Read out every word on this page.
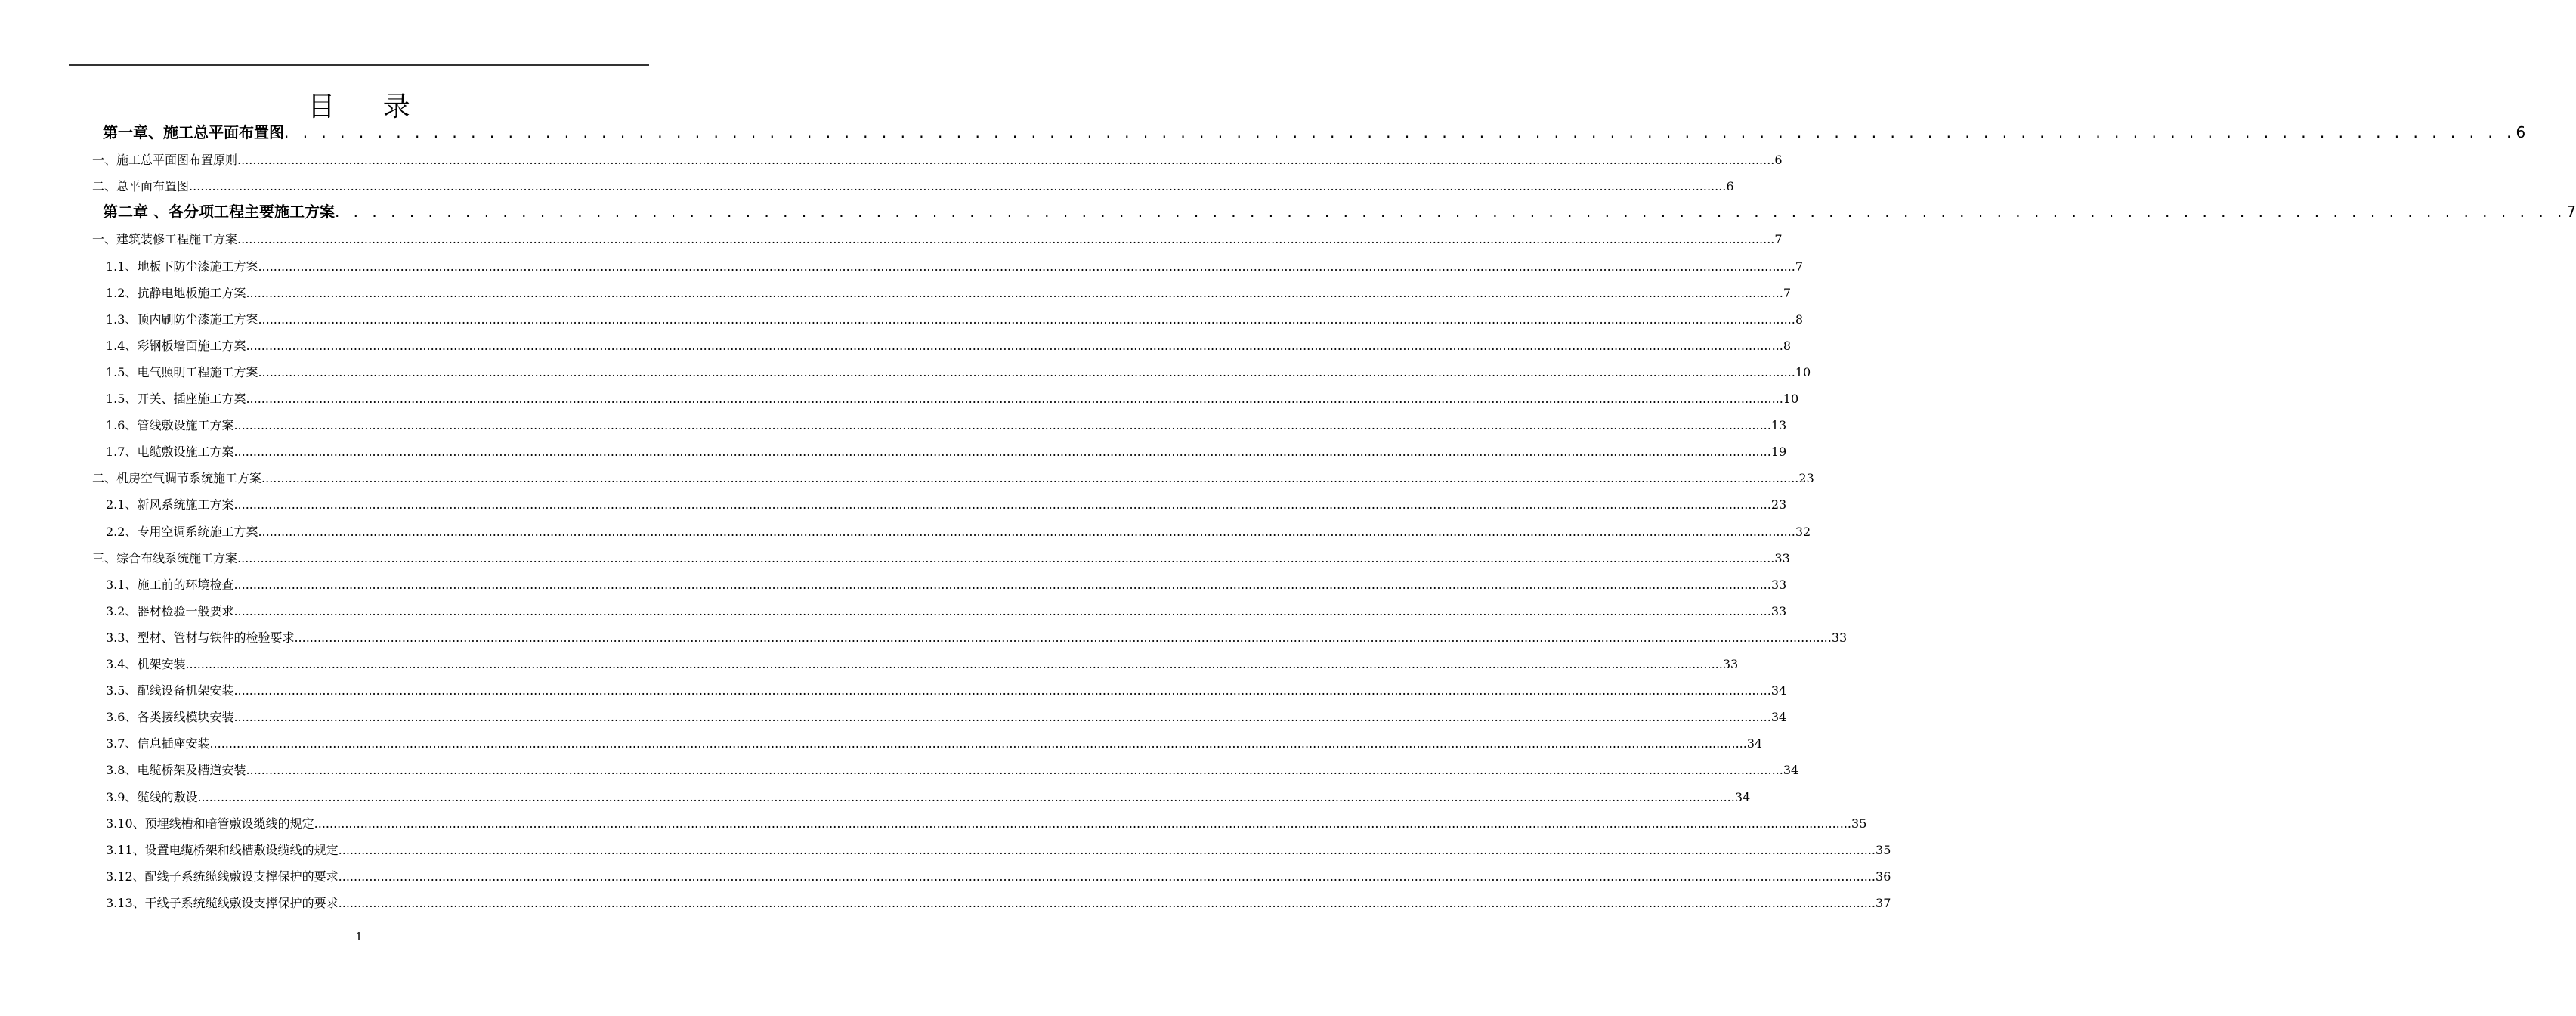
目 录
第一章、施工总平面布置图 . . . . . . . . . . . . . . . . . . . . . . . . . . . . . . . . . . . . . . . . . . . . . . . . . . . . . . . . . . . . . . . . . . . . . . . . . . . . . . . . . . . . . . . . . . . . . . . . . . . . . . . . . . . . . . . . . . . . . . . . 6
一、施工总平面图布置原则 ................................................................................................................................................................................................................................................................................................................................................................................................................ 6
二、总平面布置图 ................................................................................................................................................................................................................................................................................................................................................................................................................ 6
第二章 、各分项工程主要施工方案 . . . . . . . . . . . . . . . . . . . . . . . . . . . . . . . . . . . . . . . . . . . . . . . . . . . . . . . . . . . . . . . . . . . . . . . . . . . . . . . . . . . . . . . . . . . . . . . . . . . . . . . . . . . . . . . . . . . . . . . . 7
一、建筑装修工程施工方案 ................................................................................................................................................................................................................................................................................................................................................................................................................ 7
1.1、地板下防尘漆施工方案 ................................................................................................................................................................................................................................................................................................................................................................................................................ 7
1.2、抗静电地板施工方案 ................................................................................................................................................................................................................................................................................................................................................................................................................ 7
1.3、顶内刷防尘漆施工方案 ................................................................................................................................................................................................................................................................................................................................................................................................................ 8
1.4、彩钢板墙面施工方案 ................................................................................................................................................................................................................................................................................................................................................................................................................ 8
1.5、电气照明工程施工方案 ................................................................................................................................................................................................................................................................................................................................................................................................................ 10
1.5、开关、插座施工方案 ................................................................................................................................................................................................................................................................................................................................................................................................................ 10
1.6、管线敷设施工方案 ................................................................................................................................................................................................................................................................................................................................................................................................................ 13
1.7、电缆敷设施工方案 ................................................................................................................................................................................................................................................................................................................................................................................................................ 19
二、机房空气调节系统施工方案 ................................................................................................................................................................................................................................................................................................................................................................................................................ 23
2.1、新风系统施工方案 ................................................................................................................................................................................................................................................................................................................................................................................................................ 23
2.2、专用空调系统施工方案 ................................................................................................................................................................................................................................................................................................................................................................................................................ 32
三、综合布线系统施工方案 ................................................................................................................................................................................................................................................................................................................................................................................................................ 33
3.1、施工前的环境检查 ................................................................................................................................................................................................................................................................................................................................................................................................................ 33
3.2、器材检验一般要求 ................................................................................................................................................................................................................................................................................................................................................................................................................ 33
3.3、型材、管材与铁件的检验要求 ................................................................................................................................................................................................................................................................................................................................................................................................................ 33
3.4、机架安装 ................................................................................................................................................................................................................................................................................................................................................................................................................ 33
3.5、配线设备机架安装 ................................................................................................................................................................................................................................................................................................................................................................................................................ 34
3.6、各类接线模块安装 ................................................................................................................................................................................................................................................................................................................................................................................................................ 34
3.7、信息插座安装 ................................................................................................................................................................................................................................................................................................................................................................................................................ 34
3.8、电缆桥架及槽道安装 ................................................................................................................................................................................................................................................................................................................................................................................................................ 34
3.9、缆线的敷设 ................................................................................................................................................................................................................................................................................................................................................................................................................ 34
3.10、预埋线槽和暗管敷设缆线的规定 ................................................................................................................................................................................................................................................................................................................................................................................................................ 35
3.11、设置电缆桥架和线槽敷设缆线的规定 ................................................................................................................................................................................................................................................................................................................................................................................................................ 35
3.12、配线子系统缆线敷设支撑保护的要求 ................................................................................................................................................................................................................................................................................................................................................................................................................ 36
3.13、干线子系统缆线敷设支撑保护的要求 ................................................................................................................................................................................................................................................................................................................................................................................................................ 37
1
